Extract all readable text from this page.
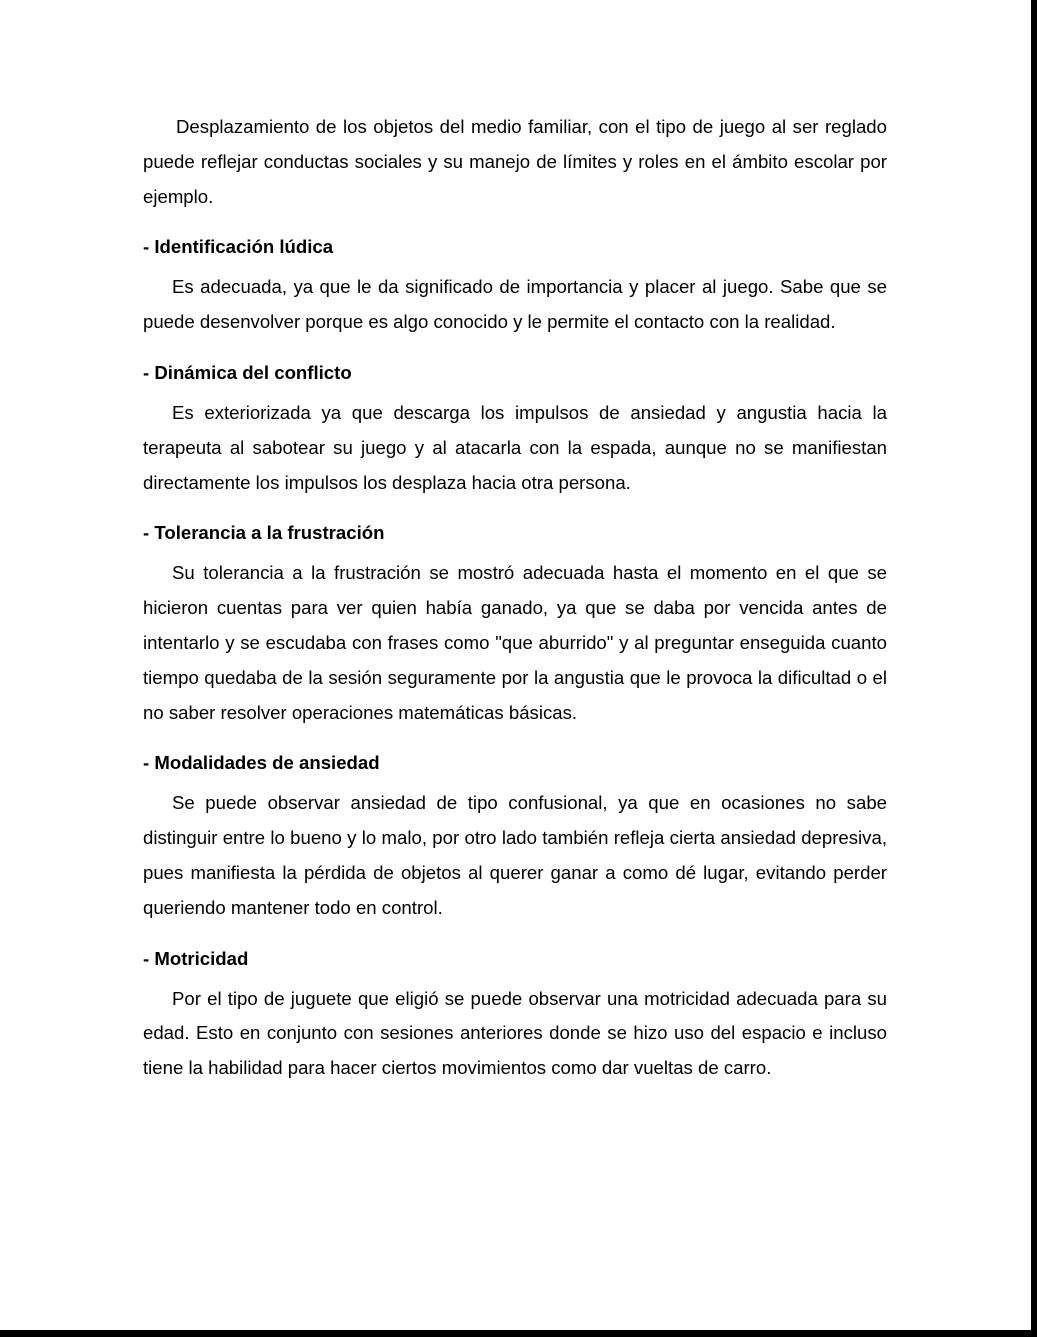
Desplazamiento de los objetos del medio familiar, con el tipo de juego al ser reglado puede reflejar conductas sociales y su manejo de límites y roles en el ámbito escolar por ejemplo.

- Identificación lúdica

Es adecuada, ya que le da significado de importancia y placer al juego. Sabe que se puede desenvolver porque es algo conocido y le permite el contacto con la realidad.

- Dinámica del conflicto

Es exteriorizada ya que descarga los impulsos de ansiedad y angustia hacia la terapeuta al sabotear su juego y al atacarla con la espada, aunque no se manifiestan directamente los impulsos los desplaza hacia otra persona.

- Tolerancia a la frustración

Su tolerancia a la frustración se mostró adecuada hasta el momento en el que se hicieron cuentas para ver quien había ganado, ya que se daba por vencida antes de intentarlo y se escudaba con frases como "que aburrido" y al preguntar enseguida cuanto tiempo quedaba de la sesión seguramente por la angustia que le provoca la dificultad o el no saber resolver operaciones matemáticas básicas.

- Modalidades de ansiedad

Se puede observar ansiedad de tipo confusional, ya que en ocasiones no sabe distinguir entre lo bueno y lo malo, por otro lado también refleja cierta ansiedad depresiva, pues manifiesta la pérdida de objetos al querer ganar a como dé lugar, evitando perder queriendo mantener todo en control.

- Motricidad

Por el tipo de juguete que eligió se puede observar una motricidad adecuada para su edad. Esto en conjunto con sesiones anteriores donde se hizo uso del espacio e incluso tiene la habilidad para hacer ciertos movimientos como dar vueltas de carro.
